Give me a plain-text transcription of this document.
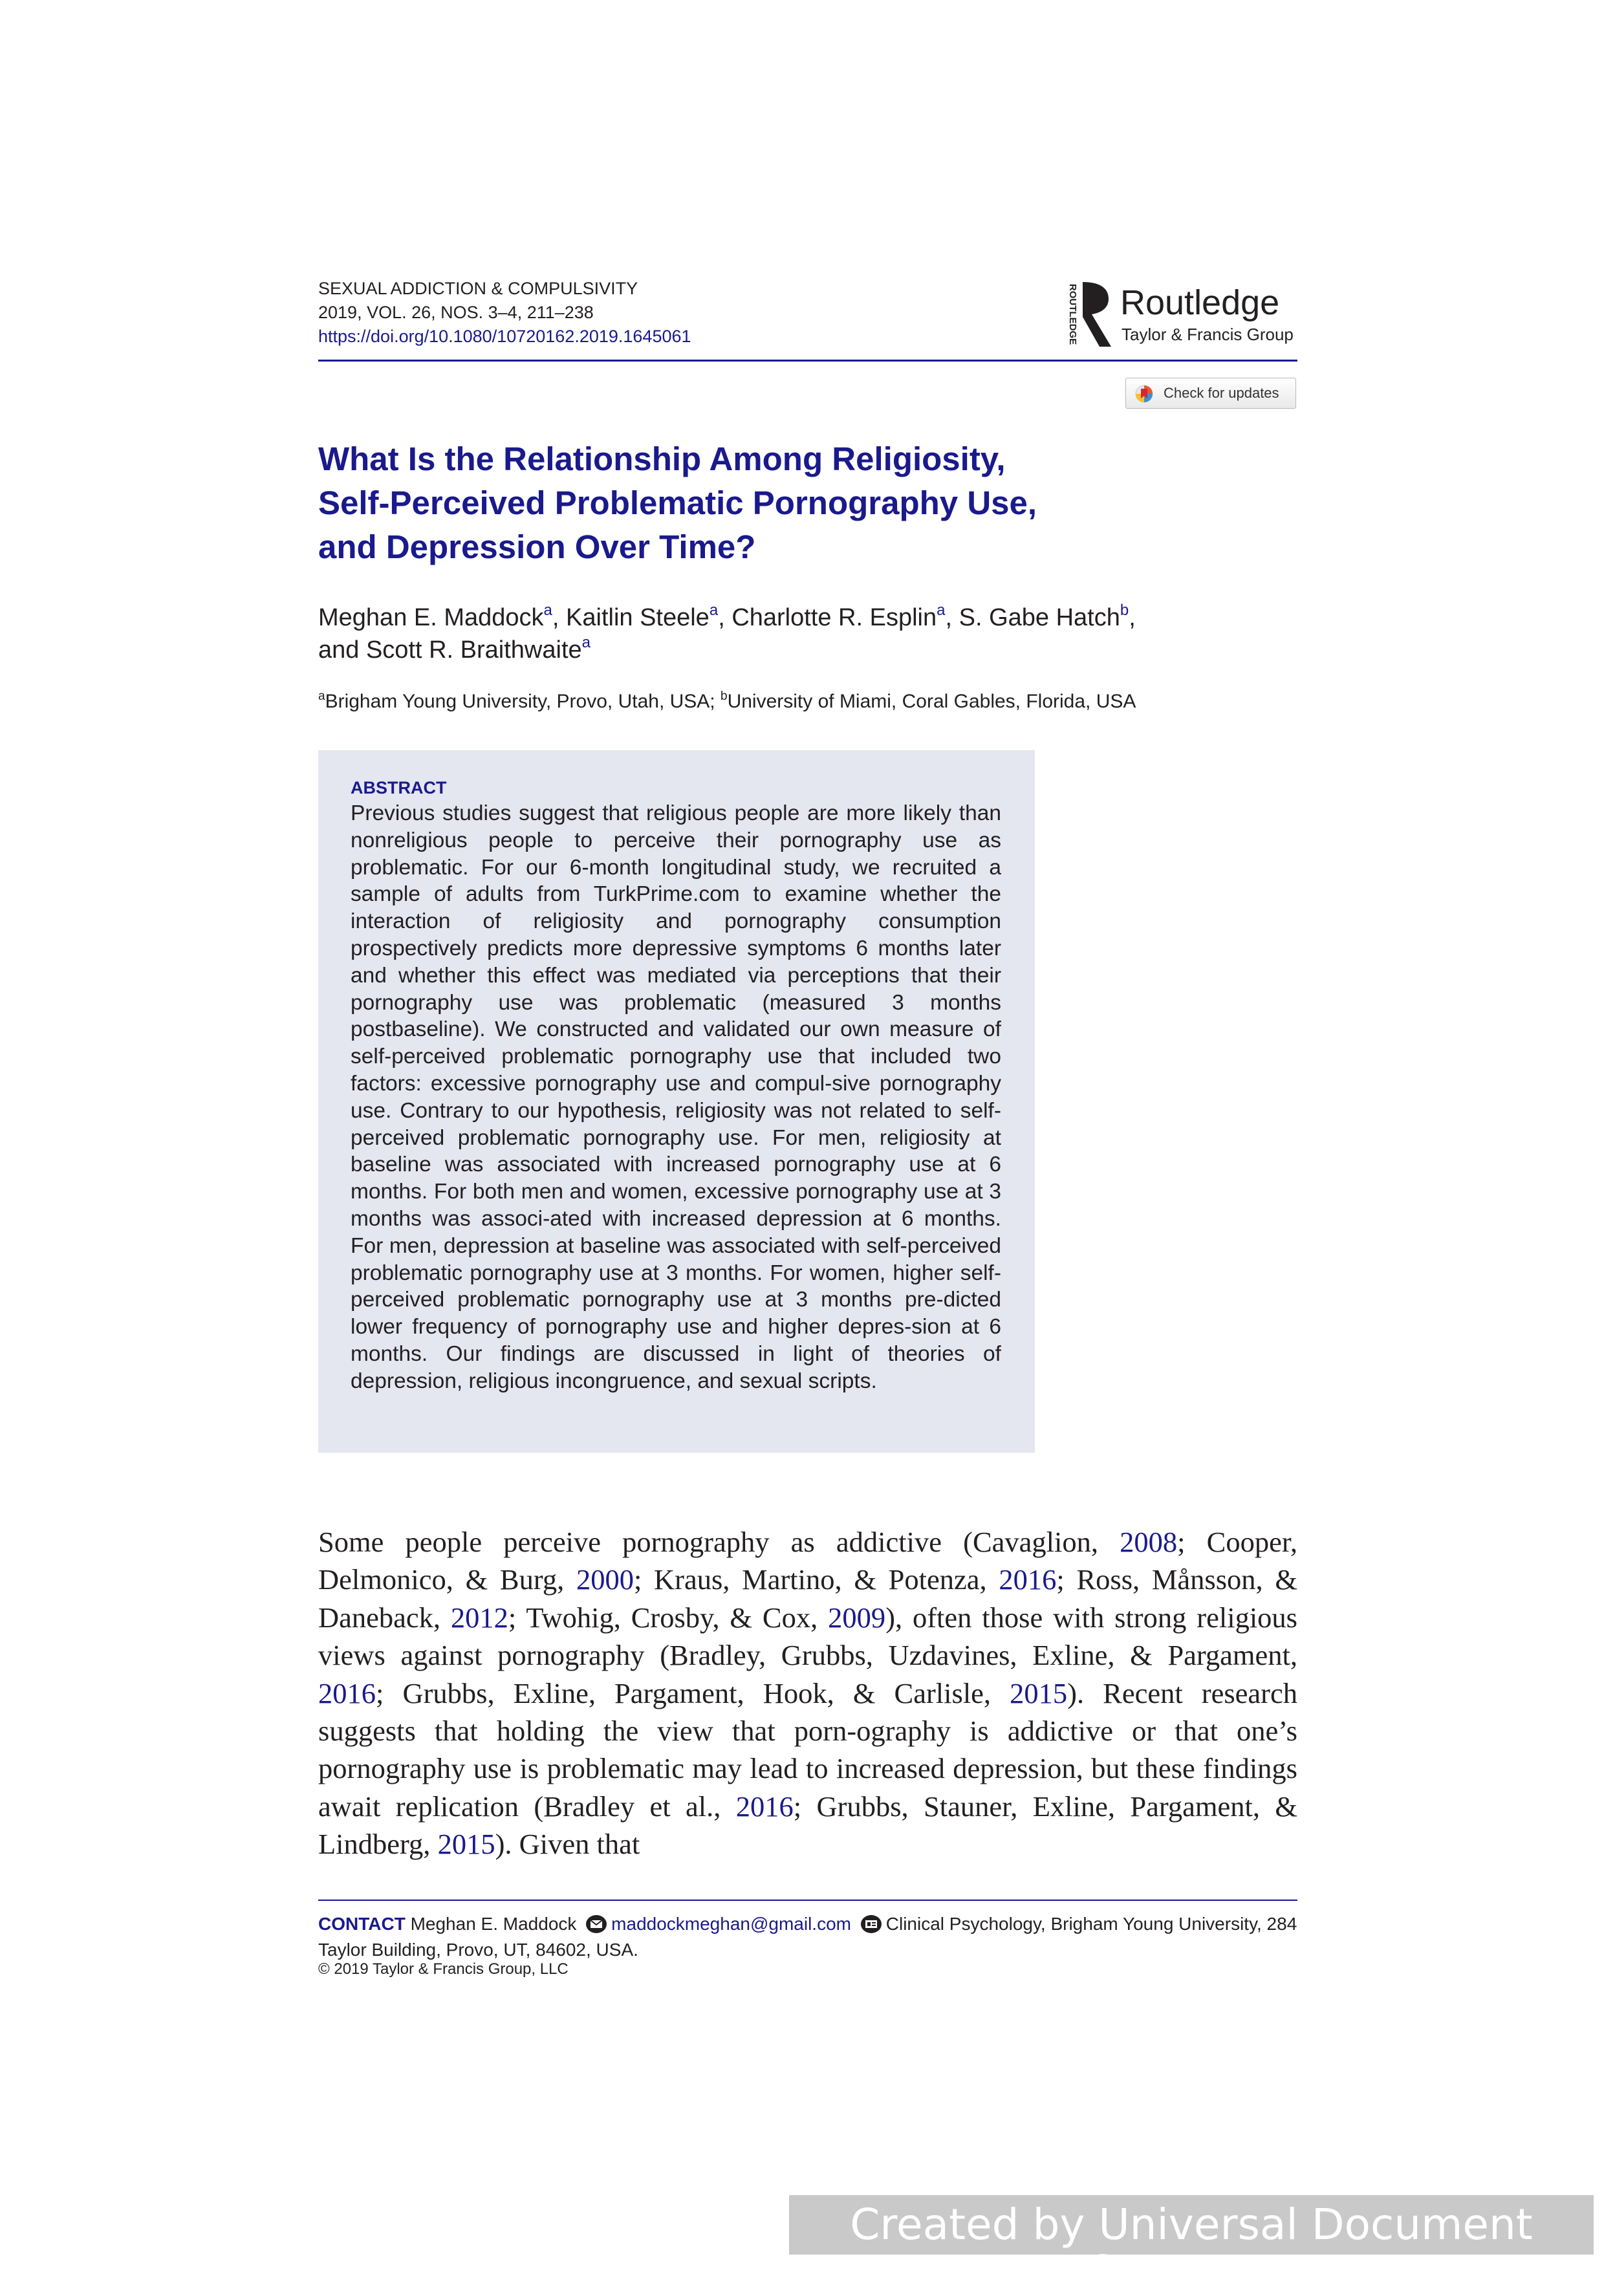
SEXUAL ADDICTION & COMPULSIVITY
2019, VOL. 26, NOS. 3–4, 211–238
https://doi.org/10.1080/10720162.2019.1645061	ROUTLEDGE Routledge
Taylor & Francis Group
Check for updates
What Is the Relationship Among Religiosity,
Self-Perceived Problematic Pornography Use,
and Depression Over Time?
Meghan E. Maddock$^a$, Kaitlin Steele$^a$, Charlotte R. Esplin$^a$, S. Gabe Hatch$^b$,
and Scott R. Braithwaite$^a$
$^a$Brigham Young University, Provo, Utah, USA; $^b$University of Miami, Coral Gables, Florida, USA
ABSTRACT
Previous studies suggest that religious people are more likely than nonreligious people to perceive their pornography use as problematic. For our 6-month longitudinal study, we recruited a sample of adults from TurkPrime.com to examine whether the interaction of religiosity and pornography consumption prospectively predicts more depressive symptoms 6 months later and whether this effect was mediated via perceptions that their pornography use was problematic (measured 3 months postbaseline). We constructed and validated our own measure of self-perceived problematic pornography use that included two factors: excessive pornography use and compul-sive pornography use. Contrary to our hypothesis, religiosity was not related to self-perceived problematic pornography use. For men, religiosity at baseline was associated with increased pornography use at 6 months. For both men and women, excessive pornography use at 3 months was associ-ated with increased depression at 6 months. For men, depression at baseline was associated with self-perceived problematic pornography use at 3 months. For women, higher self-perceived problematic pornography use at 3 months pre-dicted lower frequency of pornography use and higher depres-sion at 6 months. Our findings are discussed in light of theories of depression, religious incongruence, and sexual scripts.
Some people perceive pornography as addictive (Cavaglion, 2008; Cooper, Delmonico, & Burg, 2000; Kraus, Martino, & Potenza, 2016; Ross, Månsson, & Daneback, 2012; Twohig, Crosby, & Cox, 2009), often those with strong religious views against pornography (Bradley, Grubbs, Uzdavines, Exline, & Pargament, 2016; Grubbs, Exline, Pargament, Hook, & Carlisle, 2015). Recent research suggests that holding the view that porn-ography is addictive or that one’s pornography use is problematic may lead to increased depression, but these findings await replication (Bradley et al., 2016; Grubbs, Stauner, Exline, Pargament, & Lindberg, 2015). Given that
CONTACT Meghan E. Maddock maddockmeghan@gmail.com Clinical Psychology, Brigham Young University, 284 Taylor Building, Provo, UT, 84602, USA.
© 2019 Taylor & Francis Group, LLC
Created by Universal Document Converter
